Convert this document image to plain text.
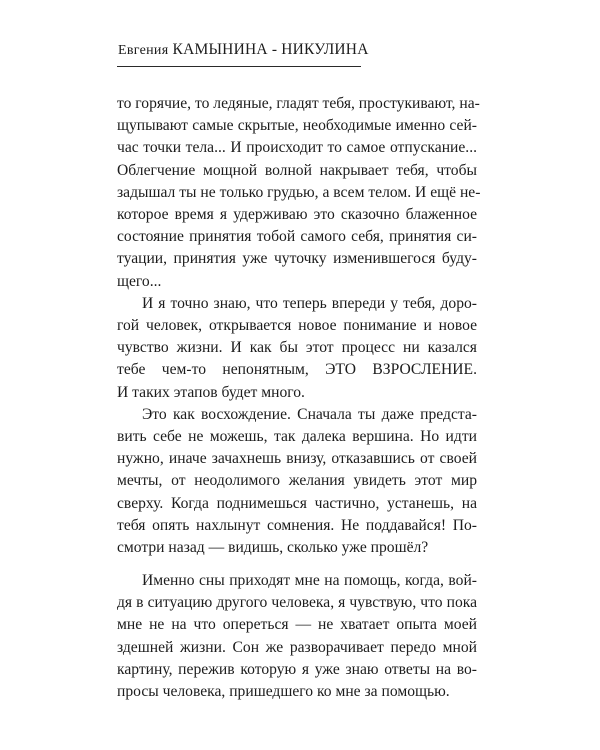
Евгения КАМЫНИНА - НИКУЛИНА
то горячие, то ледяные, гладят тебя, простукивают, на-
щупывают самые скрытые, необходимые именно сей-
час точки тела... И происходит то самое отпускание...
Облегчение мощной волной накрывает тебя, чтобы
задышал ты не только грудью, а всем телом. И ещё не-
которое время я удерживаю это сказочно блаженное
состояние принятия тобой самого себя, принятия си-
туации, принятия уже чуточку изменившегося буду-
щего...
И я точно знаю, что теперь впереди у тебя, доро-
гой человек, открывается новое понимание и новое
чувство жизни. И как бы этот процесс ни казался
тебе чем-то непонятным, ЭТО ВЗРОСЛЕНИЕ.
И таких этапов будет много.
Это как восхождение. Сначала ты даже предста-
вить себе не можешь, так далека вершина. Но идти
нужно, иначе зачахнешь внизу, отказавшись от своей
мечты, от неодолимого желания увидеть этот мир
сверху. Когда поднимешься частично, устанешь, на
тебя опять нахлынут сомнения. Не поддавайся! По-
смотри назад — видишь, сколько уже прошёл?
Именно сны приходят мне на помощь, когда, вой-
дя в ситуацию другого человека, я чувствую, что пока
мне не на что опереться — не хватает опыта моей
здешней жизни. Сон же разворачивает передо мной
картину, пережив которую я уже знаю ответы на во-
просы человека, пришедшего ко мне за помощью.
